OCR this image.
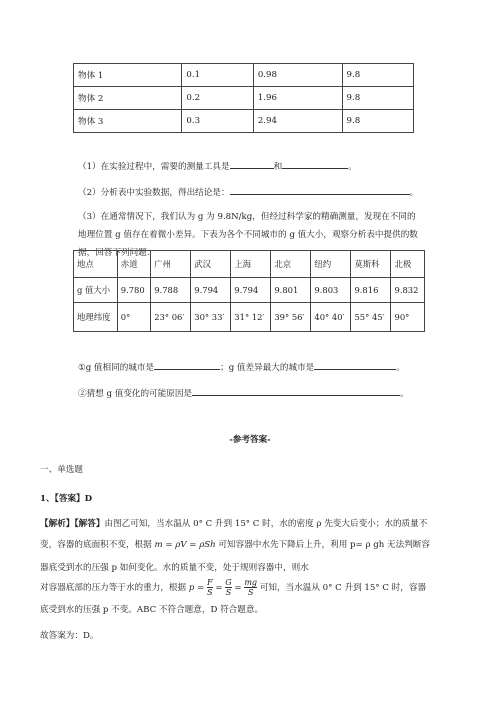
物体 1	0.1	0.98	9.8
物体 2	0.2	1.96	9.8
物体 3	0.3	2.94	9.8
（1）在实验过程中，需要的测量工具是	和	。
（2）分析表中实验数据，得出结论是：	。
（3）在通常情况下，我们认为 g 为 9.8N/kg，但经过科学家的精确测量，发现在不同的地理位置 g 值存在着微小差异。下表为各个不同城市的 g 值大小，观察分析表中提供的数据，回答下列问题：
地点	赤道	广州	武汉	上海	北京	纽约	莫斯科	北极
g 值大小	9.780	9.788	9.794	9.794	9.801	9.803	9.816	9.832
地理纬度	0°	23° 06′	30° 33′	31° 12′	39° 56′	40° 40′	55° 45′	90°
①g 值相同的城市是	；g 值差异最大的城市是	。
②猜想 g 值变化的可能原因是	。
-参考答案-
一、单选题
1、【答案】D
【解析】【解答】由图乙可知，当水温从 0° C 升到 15° C 时，水的密度 ρ 先变大后变小；水的质量不
变，容器的底面积不变，根据 m = ρV = ρSh 可知容器中水先下降后上升，利用 p= ρ gh 无法判断容
器底受到水的压强 p 如何变化。水的质量不变，处于规则容器中，则水
对容器底部的压力等于水的重力，根据 $p = \frac{F}{S} = \frac{G}{S} = \frac{mg}{S}$ 可知，当水温从 0° C 升到 15° C 时，容器
底受到水的压强 p 不变。ABC 不符合题意，D 符合题意。
故答案为：D。
